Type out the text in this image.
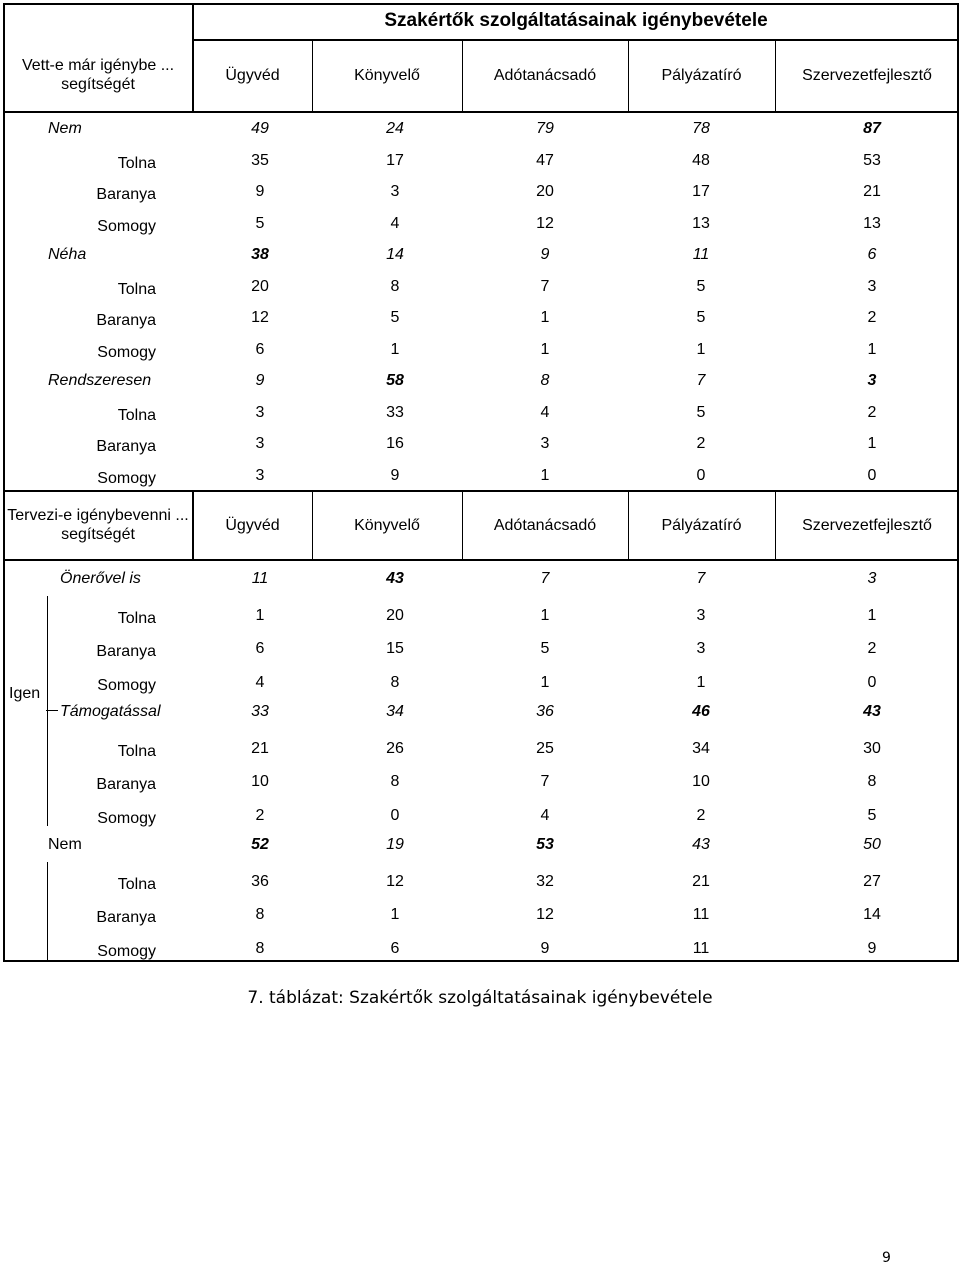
Szakértők szolgáltatásainak igénybevétele
Vett-e már igénybe ... segítségét
Ügyvéd	Könyvelő	Adótanácsadó	Pályázatíró	Szervezetfejlesztő
Tervezi-e igénybevenni ... segítségét
Ügyvéd	Könyvelő	Adótanácsadó	Pályázatíró	Szervezetfejlesztő
Igen
Nem	49	24	79	78	87
Tolna	35	17	47	48	53
Baranya	9	3	20	17	21
Somogy	5	4	12	13	13
Néha	38	14	9	11	6
Tolna	20	8	7	5	3
Baranya	12	5	1	5	2
Somogy	6	1	1	1	1
Rendszeresen	9	58	8	7	3
Tolna	3	33	4	5	2
Baranya	3	16	3	2	1
Somogy	3	9	1	0	0
Önerővel is	11	43	7	7	3
Tolna	1	20	1	3	1
Baranya	6	15	5	3	2
Somogy	4	8	1	1	0
Támogatással	33	34	36	46	43
Tolna	21	26	25	34	30
Baranya	10	8	7	10	8
Somogy	2	0	4	2	5
Nem	52	19	53	43	50
Tolna	36	12	32	21	27
Baranya	8	1	12	11	14
Somogy	8	6	9	11	9
7. táblázat: Szakértők szolgáltatásainak igénybevétele
9
